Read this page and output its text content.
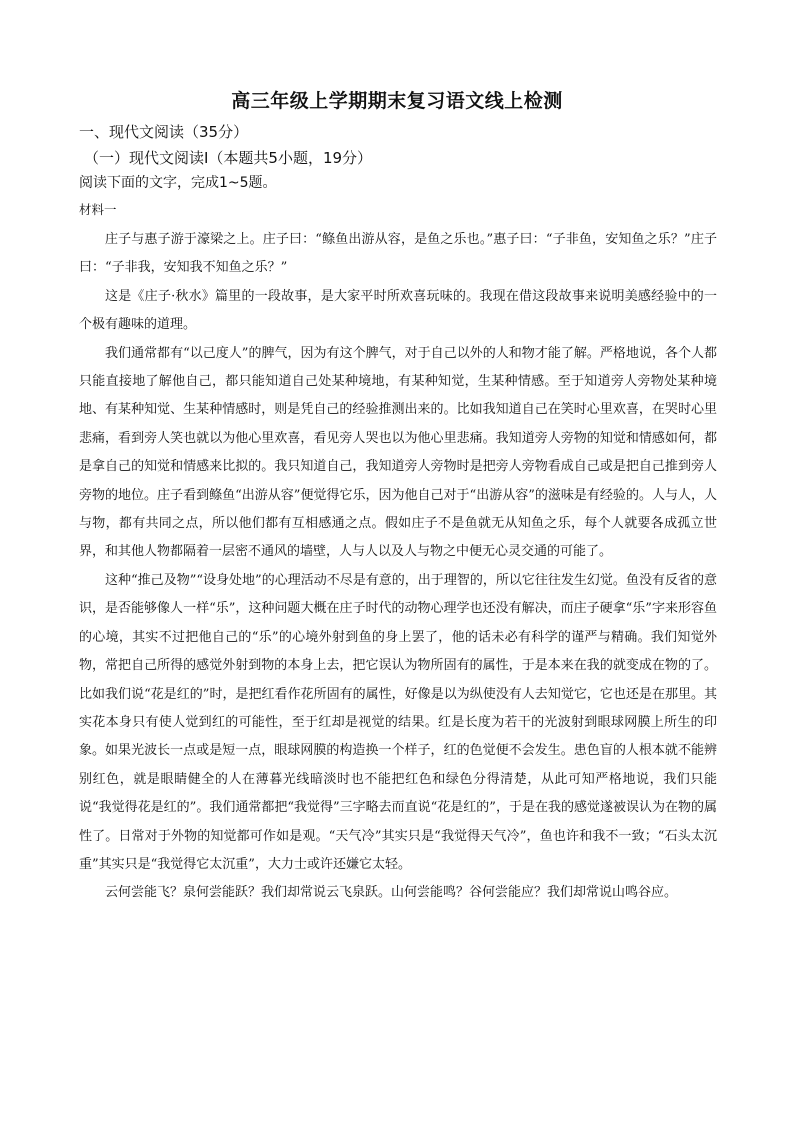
高三年级上学期期末复习语文线上检测
一、现代文阅读（35分）
（一）现代文阅读Ⅰ（本题共5小题，19分）
阅读下面的文字，完成1~5题。
材料一

庄子与惠子游于濠梁之上。庄子曰：“鲦鱼出游从容，是鱼之乐也。”惠子曰：“子非鱼，安知鱼之乐？”庄子曰：“子非我，安知我不知鱼之乐？”

这是《庄子·秋水》篇里的一段故事，是大家平时所欢喜玩味的。我现在借这段故事来说明美感经验中的一个极有趣味的道理。

我们通常都有“以己度人”的脾气，因为有这个脾气，对于自己以外的人和物才能了解。严格地说，各个人都只能直接地了解他自己，都只能知道自己处某种境地，有某种知觉，生某种情感。至于知道旁人旁物处某种境地、有某种知觉、生某种情感时，则是凭自己的经验推测出来的。比如我知道自己在笑时心里欢喜，在哭时心里悲痛，看到旁人笑也就以为他心里欢喜，看见旁人哭也以为他心里悲痛。我知道旁人旁物的知觉和情感如何，都是拿自己的知觉和情感来比拟的。我只知道自己，我知道旁人旁物时是把旁人旁物看成自己或是把自己推到旁人旁物的地位。庄子看到鲦鱼“出游从容”便觉得它乐，因为他自己对于“出游从容”的滋味是有经验的。人与人，人与物，都有共同之点，所以他们都有互相感通之点。假如庄子不是鱼就无从知鱼之乐，每个人就要各成孤立世界，和其他人物都隔着一层密不通风的墙壁，人与人以及人与物之中便无心灵交通的可能了。

这种“推己及物”“设身处地”的心理活动不尽是有意的，出于理智的，所以它往往发生幻觉。鱼没有反省的意识，是否能够像人一样“乐”，这种问题大概在庄子时代的动物心理学也还没有解决，而庄子硬拿“乐”字来形容鱼的心境，其实不过把他自己的“乐”的心境外射到鱼的身上罢了，他的话未必有科学的谨严与精确。我们知觉外物，常把自己所得的感觉外射到物的本身上去，把它误认为物所固有的属性，于是本来在我的就变成在物的了。比如我们说“花是红的”时，是把红看作花所固有的属性，好像是以为纵使没有人去知觉它，它也还是在那里。其实花本身只有使人觉到红的可能性，至于红却是视觉的结果。红是长度为若干的光波射到眼球网膜上所生的印象。如果光波长一点或是短一点，眼球网膜的构造换一个样子，红的色觉便不会发生。患色盲的人根本就不能辨别红色，就是眼睛健全的人在薄暮光线暗淡时也不能把红色和绿色分得清楚，从此可知严格地说，我们只能说“我觉得花是红的”。我们通常都把“我觉得”三字略去而直说“花是红的”，于是在我的感觉遂被误认为在物的属性了。日常对于外物的知觉都可作如是观。“天气冷”其实只是“我觉得天气冷”，鱼也许和我不一致；“石头太沉重”其实只是“我觉得它太沉重”，大力士或许还嫌它太轻。

云何尝能飞？泉何尝能跃？我们却常说云飞泉跃。山何尝能鸣？谷何尝能应？我们却常说山鸣谷应。
